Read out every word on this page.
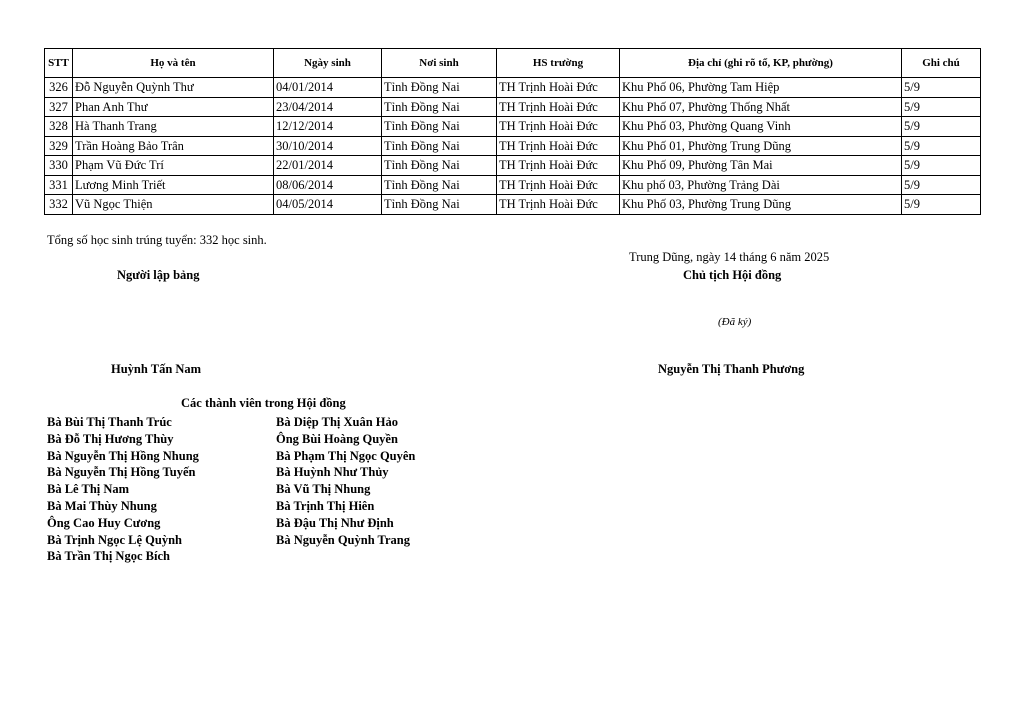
STT	Họ và tên	Ngày sinh	Nơi sinh	HS trường	Địa chỉ (ghi rõ tổ, KP, phường)	Ghi chú
326	Đỗ Nguyễn Quỳnh Thư	04/01/2014	Tỉnh Đồng Nai	TH Trịnh Hoài Đức	Khu Phố 06, Phường Tam Hiệp	5/9
327	Phan Anh Thư	23/04/2014	Tỉnh Đồng Nai	TH Trịnh Hoài Đức	Khu Phố 07, Phường Thống Nhất	5/9
328	Hà Thanh Trang	12/12/2014	Tỉnh Đồng Nai	TH Trịnh Hoài Đức	Khu Phố 03, Phường Quang Vinh	5/9
329	Trần Hoàng Bảo Trân	30/10/2014	Tỉnh Đồng Nai	TH Trịnh Hoài Đức	Khu Phố 01, Phường Trung Dũng	5/9
330	Phạm Vũ Đức Trí	22/01/2014	Tỉnh Đồng Nai	TH Trịnh Hoài Đức	Khu Phố 09, Phường Tân Mai	5/9
331	Lương Minh Triết	08/06/2014	Tỉnh Đồng Nai	TH Trịnh Hoài Đức	Khu phố 03, Phường Trảng Dài	5/9
332	Vũ Ngọc Thiện	04/05/2014	Tỉnh Đồng Nai	TH Trịnh Hoài Đức	Khu Phố 03, Phường Trung Dũng	5/9
Tổng số học sinh trúng tuyển: 332 học sinh.
Trung Dũng, ngày 14 tháng 6 năm 2025
Người lập bảng	Chủ tịch Hội đồng
(Đã ký)
Huỳnh Tấn Nam	Nguyễn Thị Thanh Phương
Các thành viên trong Hội đồng
Bà Bùi Thị Thanh Trúc
Bà Đỗ Thị Hương Thùy
Bà Nguyễn Thị Hồng Nhung
Bà Nguyễn Thị Hồng Tuyến
Bà Lê Thị Nam
Bà Mai Thùy Nhung
Ông Cao Huy Cương
Bà Trịnh Ngọc Lệ Quỳnh
Bà Trần Thị Ngọc Bích
Bà Diệp Thị Xuân Hảo
Ông Bùi Hoàng Quyền
Bà Phạm Thị Ngọc Quyên
Bà Huỳnh Như Thủy
Bà Vũ Thị Nhung
Bà Trịnh Thị Hiên
Bà Đậu Thị Như Định
Bà Nguyễn Quỳnh Trang
